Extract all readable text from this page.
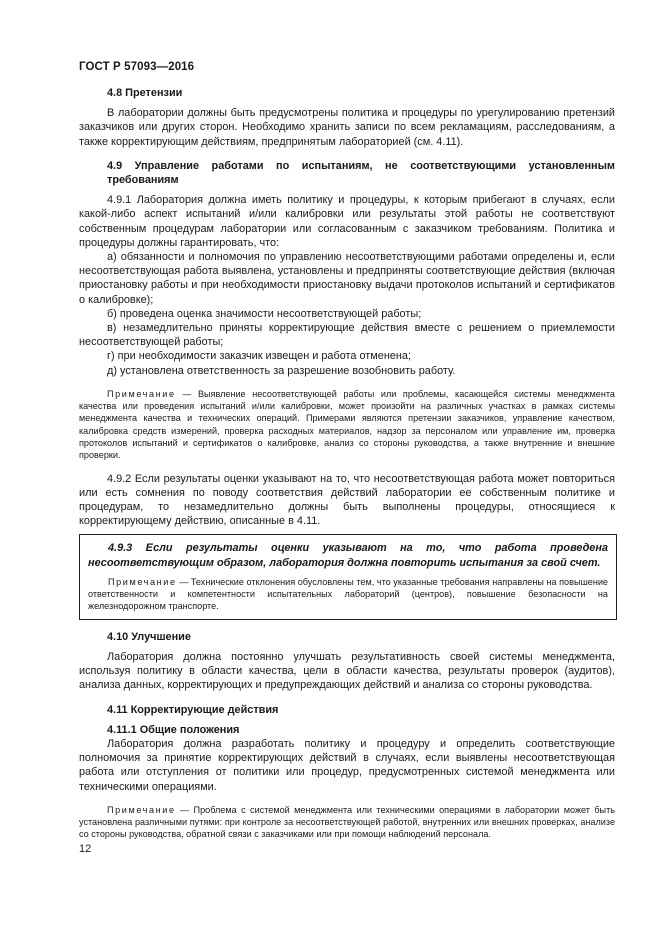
ГОСТ Р 57093—2016

4.8 Претензии

В лаборатории должны быть предусмотрены политика и процедуры по урегулированию претензий заказчиков или других сторон. Необходимо хранить записи по всем рекламациям, расследованиям, а также корректирующим действиям, предпринятым лабораторией (см. 4.11).

4.9 Управление работами по испытаниям, не соответствующими установленным требованиям

4.9.1 Лаборатория должна иметь политику и процедуры, к которым прибегают в случаях, если какой-либо аспект испытаний и/или калибровки или результаты этой работы не соответствуют собственным процедурам лаборатории или согласованным с заказчиком требованиям. Политика и процедуры должны гарантировать, что:

а) обязанности и полномочия по управлению несоответствующими работами определены и, если несоответствующая работа выявлена, установлены и предприняты соответствующие действия (включая приостановку работы и при необходимости приостановку выдачи протоколов испытаний и сертификатов о калибровке);

б) проведена оценка значимости несоответствующей работы;

в) незамедлительно приняты корректирующие действия вместе с решением о приемлемости несоответствующей работы;

г) при необходимости заказчик извещен и работа отменена;

д) установлена ответственность за разрешение возобновить работу.

Примечание — Выявление несоответствующей работы или проблемы, касающейся системы менеджмента качества или проведения испытаний и/или калибровки, может произойти на различных участках в рамках системы менеджмента качества и технических операций. Примерами являются претензии заказчиков, управление качеством, калибровка средств измерений, проверка расходных материалов, надзор за персоналом или управление им, проверка протоколов испытаний и сертификатов о калибровке, анализ со стороны руководства, а также внутренние и внешние проверки.

4.9.2 Если результаты оценки указывают на то, что несоответствующая работа может повториться или есть сомнения по поводу соответствия действий лаборатории ее собственным политике и процедурам, то незамедлительно должны быть выполнены процедуры, относящиеся к корректирующему действию, описанные в 4.11.

4.9.3 Если результаты оценки указывают на то, что работа проведена несоответствующим образом, лаборатория должна повторить испытания за свой счет.

Примечание — Технические отклонения обусловлены тем, что указанные требования направлены на повышение ответственности и компетентности испытательных лабораторий (центров), повышение безопасности на железнодорожном транспорте.

4.10 Улучшение

Лаборатория должна постоянно улучшать результативность своей системы менеджмента, используя политику в области качества, цели в области качества, результаты проверок (аудитов), анализа данных, корректирующих и предупреждающих действий и анализа со стороны руководства.

4.11 Корректирующие действия

4.11.1 Общие положения

Лаборатория должна разработать политику и процедуру и определить соответствующие полномочия за принятие корректирующих действий в случаях, если выявлены несоответствующая работа или отступления от политики или процедур, предусмотренных системой менеджмента или техническими операциями.

Примечание — Проблема с системой менеджмента или техническими операциями в лаборатории может быть установлена различными путями: при контроле за несоответствующей работой, внутренних или внешних проверках, анализе со стороны руководства, обратной связи с заказчиками или при помощи наблюдений персонала.

12
